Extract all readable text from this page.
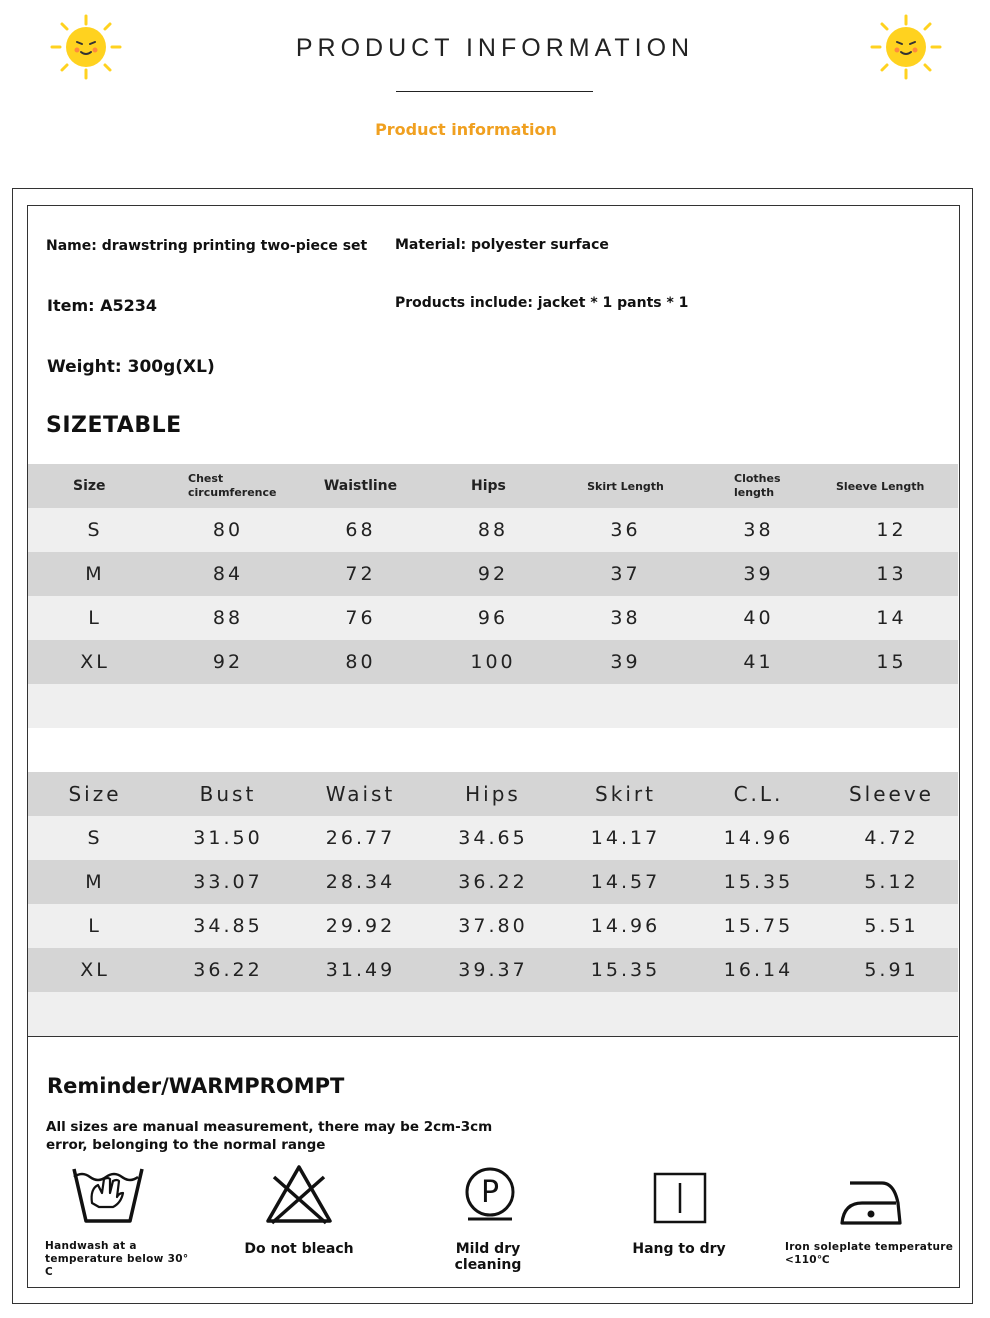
PRODUCT INFORMATION
Product information
Name: drawstring printing two-piece set Material: polyester surface
Item: A5234	Products include: jacket * 1 pants * 1
Weight: 300g(XL)
SIZETABLE
Size	Chest circumference	Waistline	Hips	Skirt Length	Clothes length	Sleeve Length
S	80	68	88	36	38	12
M	84	72	92	37	39	13
L	88	76	96	38	40	14
XL	92	80	100	39	41	15

Size	Bust	Waist	Hips	Skirt	C.L.	Sleeve
S	31.50	26.77	34.65	14.17	14.96	4.72
M	33.07	28.34	36.22	14.57	15.35	5.12
L	34.85	29.92	37.80	14.96	15.75	5.51
XL	36.22	31.49	39.37	15.35	16.14	5.91

Reminder/WARMPROMPT
All sizes are manual measurement, there may be 2cm-3cm error, belonging to the normal range
Handwash at a temperature below 30° C
Do not bleach
P
Mild dry cleaning
Hang to dry	Iron soleplate temperature <110℃
